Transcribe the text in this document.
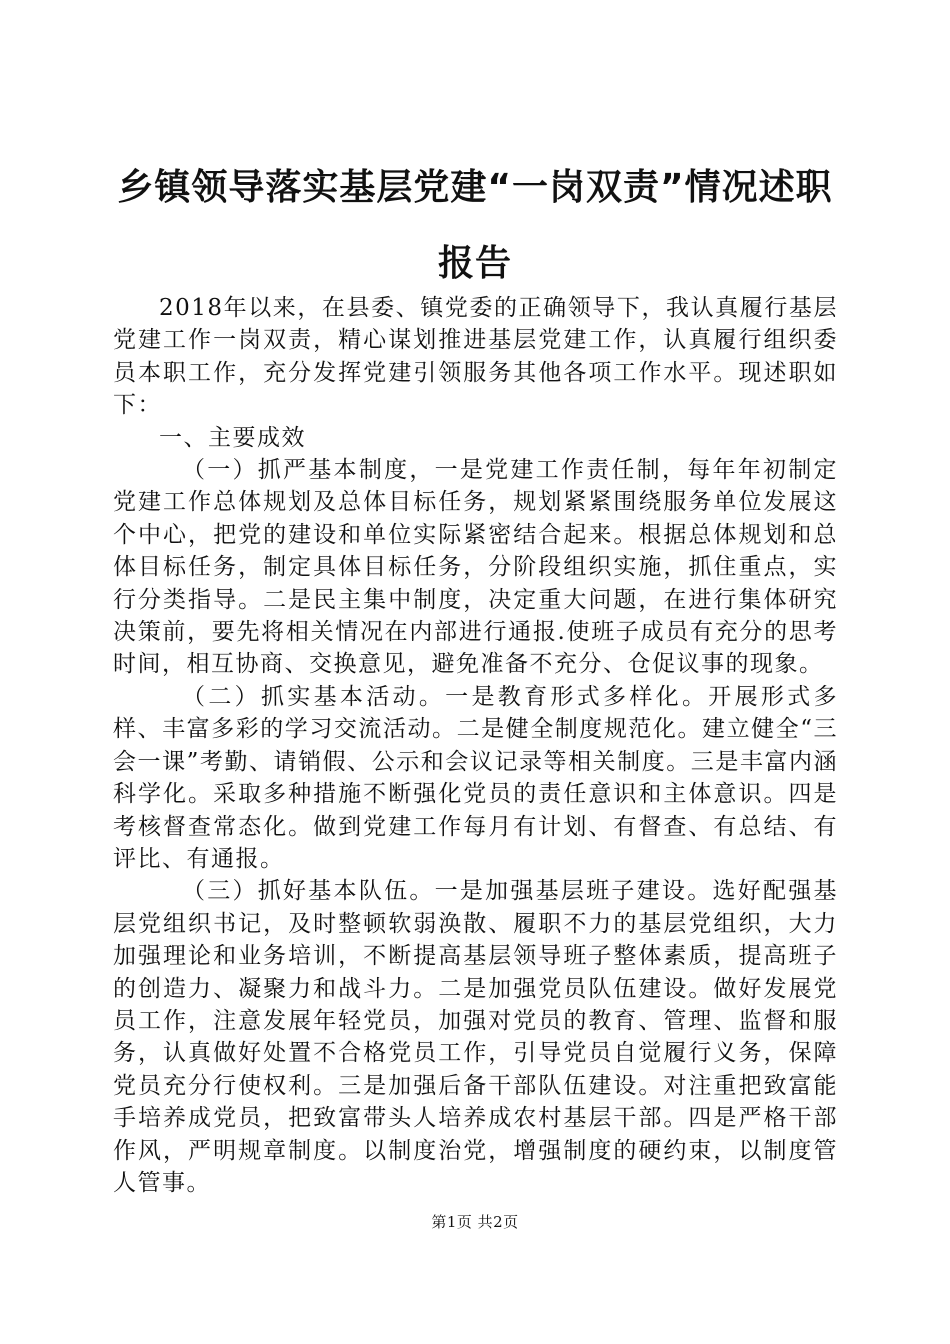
乡镇领导落实基层党建“一岗双责”情况述职
报告

2018年以来，在县委、镇党委的正确领导下，我认真履行基层党建工作一岗双责，精心谋划推进基层党建工作，认真履行组织委员本职工作，充分发挥党建引领服务其他各项工作水平。现述职如下：

一、主要成效

（一）抓严基本制度，一是党建工作责任制，每年年初制定党建工作总体规划及总体目标任务，规划紧紧围绕服务单位发展这个中心，把党的建设和单位实际紧密结合起来。根据总体规划和总体目标任务，制定具体目标任务，分阶段组织实施，抓住重点，实行分类指导。二是民主集中制度，决定重大问题，在进行集体研究决策前，要先将相关情况在内部进行通报.使班子成员有充分的思考时间，相互协商、交换意见，避免准备不充分、仓促议事的现象。

（二）抓实基本活动。一是教育形式多样化。开展形式多样、丰富多彩的学习交流活动。二是健全制度规范化。建立健全“三会一课”考勤、请销假、公示和会议记录等相关制度。三是丰富内涵科学化。采取多种措施不断强化党员的责任意识和主体意识。四是考核督查常态化。做到党建工作每月有计划、有督查、有总结、有评比、有通报。

（三）抓好基本队伍。一是加强基层班子建设。选好配强基层党组织书记，及时整顿软弱涣散、履职不力的基层党组织，大力加强理论和业务培训，不断提高基层领导班子整体素质，提高班子的创造力、凝聚力和战斗力。二是加强党员队伍建设。做好发展党员工作，注意发展年轻党员，加强对党员的教育、管理、监督和服务，认真做好处置不合格党员工作，引导党员自觉履行义务，保障党员充分行使权利。三是加强后备干部队伍建设。对注重把致富能手培养成党员，把致富带头人培养成农村基层干部。四是严格干部作风，严明规章制度。以制度治党，增强制度的硬约束，以制度管人管事。

第1页 共2页
